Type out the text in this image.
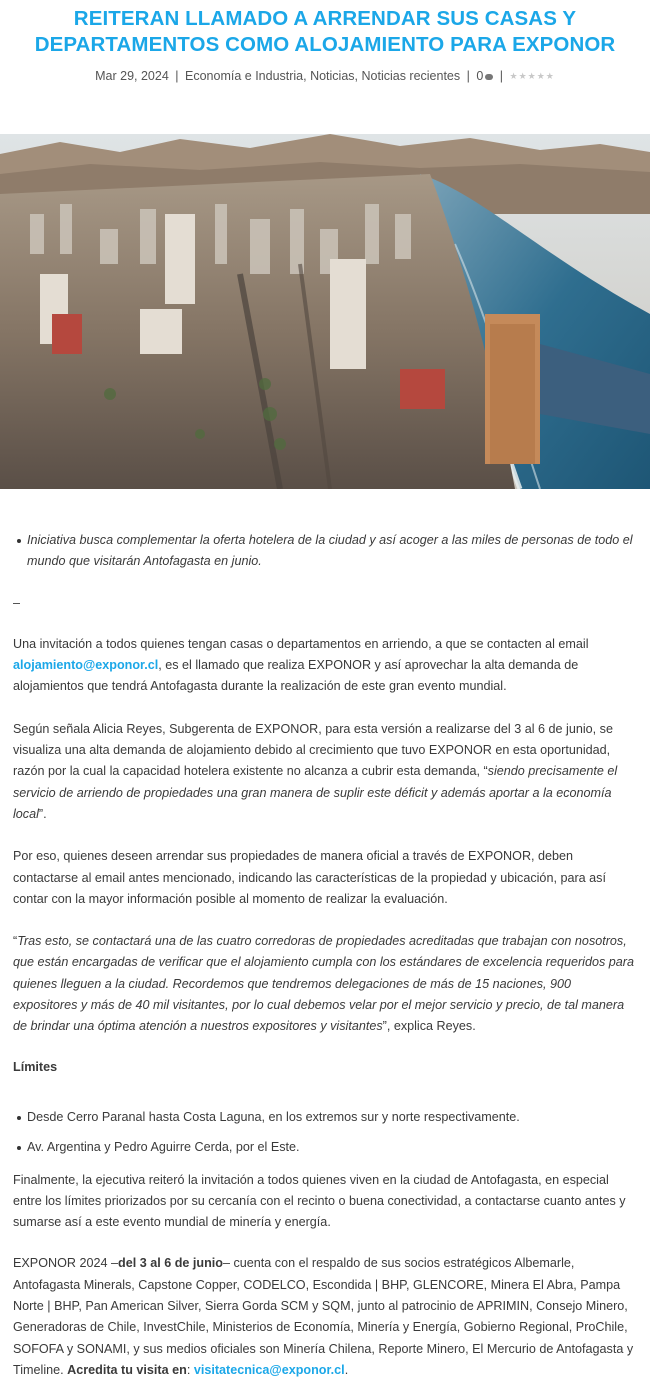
REITERAN LLAMADO A ARRENDAR SUS CASAS Y DEPARTAMENTOS COMO ALOJAMIENTO PARA EXPONOR
Mar 29, 2024 | Economía e Industria, Noticias, Noticias recientes | 0 | ★★★★★

Iniciativa busca complementar la oferta hotelera de la ciudad y así acoger a las miles de personas de todo el mundo que visitarán Antofagasta en junio.

–

Una invitación a todos quienes tengan casas o departamentos en arriendo, a que se contacten al email alojamiento@exponor.cl, es el llamado que realiza EXPONOR y así aprovechar la alta demanda de alojamientos que tendrá Antofagasta durante la realización de este gran evento mundial.

Según señala Alicia Reyes, Subgerenta de EXPONOR, para esta versión a realizarse del 3 al 6 de junio, se visualiza una alta demanda de alojamiento debido al crecimiento que tuvo EXPONOR en esta oportunidad, razón por la cual la capacidad hotelera existente no alcanza a cubrir esta demanda, “siendo precisamente el servicio de arriendo de propiedades una gran manera de suplir este déficit y además aportar a la economía local”.

Por eso, quienes deseen arrendar sus propiedades de manera oficial a través de EXPONOR, deben contactarse al email antes mencionado, indicando las características de la propiedad y ubicación, para así contar con la mayor información posible al momento de realizar la evaluación.

“Tras esto, se contactará una de las cuatro corredoras de propiedades acreditadas que trabajan con nosotros, que están encargadas de verificar que el alojamiento cumpla con los estándares de excelencia requeridos para quienes lleguen a la ciudad. Recordemos que tendremos delegaciones de más de 15 naciones, 900 expositores y más de 40 mil visitantes, por lo cual debemos velar por el mejor servicio y precio, de tal manera de brindar una óptima atención a nuestros expositores y visitantes”, explica Reyes.

Límites

Desde Cerro Paranal hasta Costa Laguna, en los extremos sur y norte respectivamente.

Av. Argentina y Pedro Aguirre Cerda, por el Este.

Finalmente, la ejecutiva reiteró la invitación a todos quienes viven en la ciudad de Antofagasta, en especial entre los límites priorizados por su cercanía con el recinto o buena conectividad, a contactarse cuanto antes y sumarse así a este evento mundial de minería y energía.

EXPONOR 2024 –del 3 al 6 de junio– cuenta con el respaldo de sus socios estratégicos Albemarle, Antofagasta Minerals, Capstone Copper, CODELCO, Escondida | BHP, GLENCORE, Minera El Abra, Pampa Norte | BHP, Pan American Silver, Sierra Gorda SCM y SQM, junto al patrocinio de APRIMIN, Consejo Minero, Generadoras de Chile, InvestChile, Ministerios de Economía, Minería y Energía, Gobierno Regional, ProChile, SOFOFA y SONAMI, y sus medios oficiales son Minería Chilena, Reporte Minero, El Mercurio de Antofagasta y Timeline. Acredita tu visita en: visitatecnica@exponor.cl.
